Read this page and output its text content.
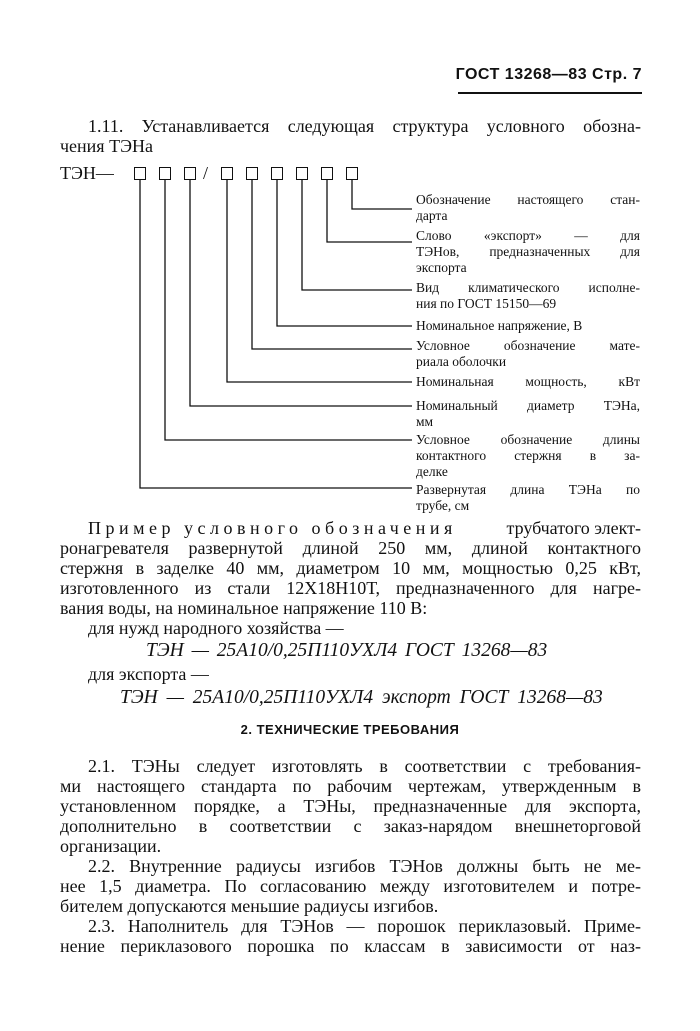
ГОСТ 13268—83 Стр. 7
1.11. Устанавливается следующая структура условного обозна-
чения ТЭНа
ТЭН—	/
Обозначение настоящего стан-
дарта
Слово «экспорт» — для
ТЭНов, предназначенных для
экспорта
Вид климатического исполне-
ния по ГОСТ 15150—69
Номинальное напряжение, В
Условное обозначение мате-
риала оболочки
Номинальная мощность, кВт
Номинальный диаметр ТЭНа,
мм
Условное обозначение длины
контактного стержня в за-
делке
Развернутая длина ТЭНа по
трубе, см
Пример условного обозначения	трубчатого элект-
ронагревателя развернутой длиной 250 мм, длиной контактного
стержня в заделке 40 мм, диаметром 10 мм, мощностью 0,25 кВт,
изготовленного из стали 12Х18Н10Т, предназначенного для нагре-
вания воды, на номинальное напряжение 110 В:
для нужд народного хозяйства —
ТЭН — 25А10/0,25П110УХЛ4 ГОСТ 13268—83
для экспорта —
ТЭН — 25А10/0,25П110УХЛ4 экспорт ГОСТ 13268—83
2. ТЕХНИЧЕСКИЕ ТРЕБОВАНИЯ
2.1. ТЭНы следует изготовлять в соответствии с требования-
ми настоящего стандарта по рабочим чертежам, утвержденным в
установленном порядке, а ТЭНы, предназначенные для экспорта,
дополнительно в соответствии с заказ-нарядом внешнеторговой
организации.
2.2. Внутренние радиусы изгибов ТЭНов должны быть не ме-
нее 1,5 диаметра. По согласованию между изготовителем и потре-
бителем допускаются меньшие радиусы изгибов.
2.3. Наполнитель для ТЭНов — порошок периклазовый. Приме-
нение периклазового порошка по классам в зависимости от наз-
